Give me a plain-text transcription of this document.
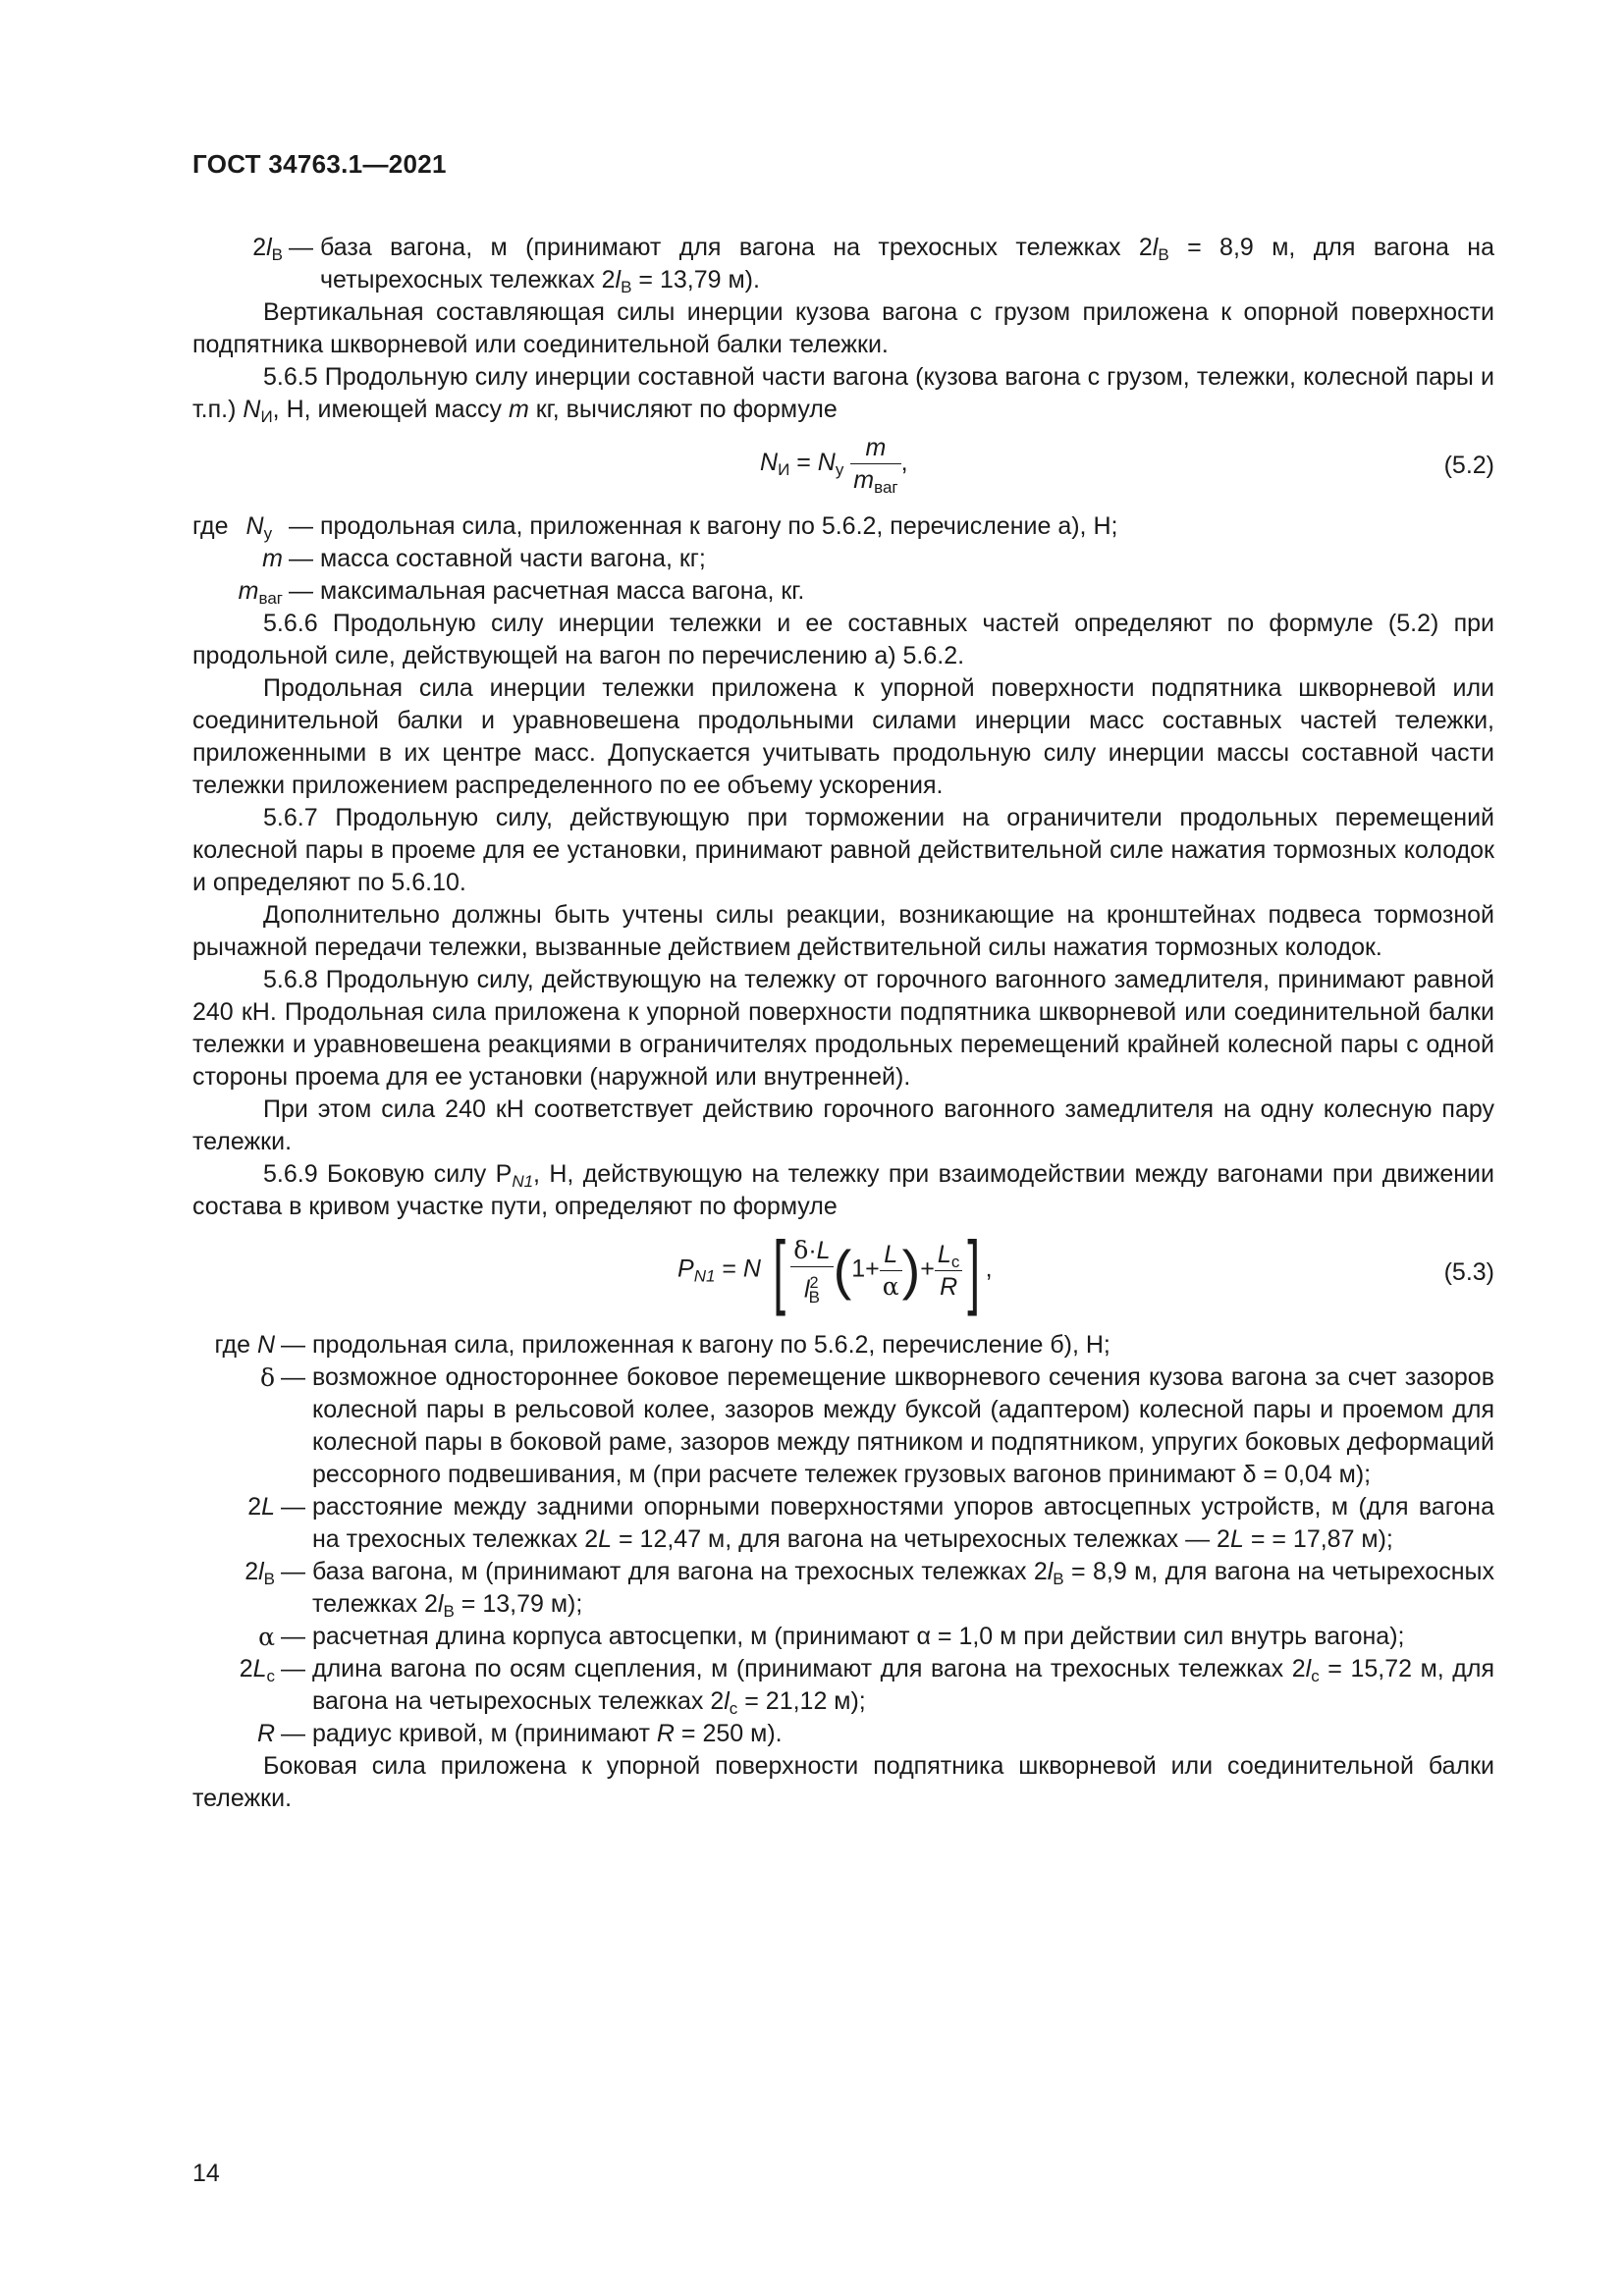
ГОСТ 34763.1—2021
$2l_В$ — база вагона, м (принимают для вагона на трехосных тележках $2l_В = 8,9$ м, для вагона на четырехосных тележках $2l_В = 13,79$ м).

Вертикальная составляющая силы инерции кузова вагона с грузом приложена к опорной поверхности подпятника шкворневой или соединительной балки тележки.

5.6.5 Продольную силу инерции составной части вагона (кузова вагона с грузом, тележки, колесной пары и т.п.) $N_И$, Н, имеющей массу m кг, вычисляют по формуле

$N_И = N_у \frac{m}{m_{ваг}}$ ,	(5.2)
где $N_у$ — продольная сила, приложенная к вагону по 5.6.2, перечисление а), Н;
m — масса составной части вагона, кг;
$m_{ваг}$ — максимальная расчетная масса вагона, кг.

5.6.6 Продольную силу инерции тележки и ее составных частей определяют по формуле (5.2) при продольной силе, действующей на вагон по перечислению а) 5.6.2.

Продольная сила инерции тележки приложена к упорной поверхности подпятника шкворневой или соединительной балки и уравновешена продольными силами инерции масс составных частей тележки, приложенными в их центре масс. Допускается учитывать продольную силу инерции массы составной части тележки приложением распределенного по ее объему ускорения.

5.6.7 Продольную силу, действующую при торможении на ограничители продольных перемещений колесной пары в проеме для ее установки, принимают равной действительной силе нажатия тормозных колодок и определяют по 5.6.10.

Дополнительно должны быть учтены силы реакции, возникающие на кронштейнах подвеса тормозной рычажной передачи тележки, вызванные действием действительной силы нажатия тормозных колодок.

5.6.8 Продольную силу, действующую на тележку от горочного вагонного замедлителя, принимают равной 240 кН. Продольная сила приложена к упорной поверхности подпятника шкворневой или соединительной балки тележки и уравновешена реакциями в ограничителях продольных перемещений крайней колесной пары с одной стороны проема для ее установки (наружной или внутренней).

При этом сила 240 кН соответствует действию горочного вагонного замедлителя на одну колесную пару тележки.

5.6.9 Боковую силу $Р_{N1}$, Н, действующую на тележку при взаимодействии между вагонами при движении состава в кривом участке пути, определяют по формуле

$P_{N1} = N$ [ $\frac{\delta\cdot L}{l^2_В} (1+ \frac{L}{\alpha}$ )+ $\frac{L_c}{R}$ ] ,	(5.3)
где N — продольная сила, приложенная к вагону по 5.6.2, перечисление б), Н;
δ — возможное одностороннее боковое перемещение шкворневого сечения кузова вагона за счет зазоров колесной пары в рельсовой колее, зазоров между буксой (адаптером) колесной пары и проемом для колесной пары в боковой раме, зазоров между пятником и подпятником, упругих боковых деформаций рессорного подвешивания, м (при расчете тележек грузовых вагонов принимают δ = 0,04 м);
2L — расстояние между задними опорными поверхностями упоров автосцепных устройств, м (для вагона на трехосных тележках 2L = 12,47 м, для вагона на четырехосных тележках — 2L = = 17,87 м);
$2l_В$ — база вагона, м (принимают для вагона на трехосных тележках $2l_В = 8,9$ м, для вагона на четырехосных тележках $2l_В = 13,79$ м);
α — расчетная длина корпуса автосцепки, м (принимают α = 1,0 м при действии сил внутрь вагона);
$2L_с$ — длина вагона по осям сцепления, м (принимают для вагона на трехосных тележках $2l_с = 15,72$ м, для вагона на четырехосных тележках $2l_с = 21,12$ м);
R — радиус кривой, м (принимают R = 250 м).

Боковая сила приложена к упорной поверхности подпятника шкворневой или соединительной балки тележки.

14
